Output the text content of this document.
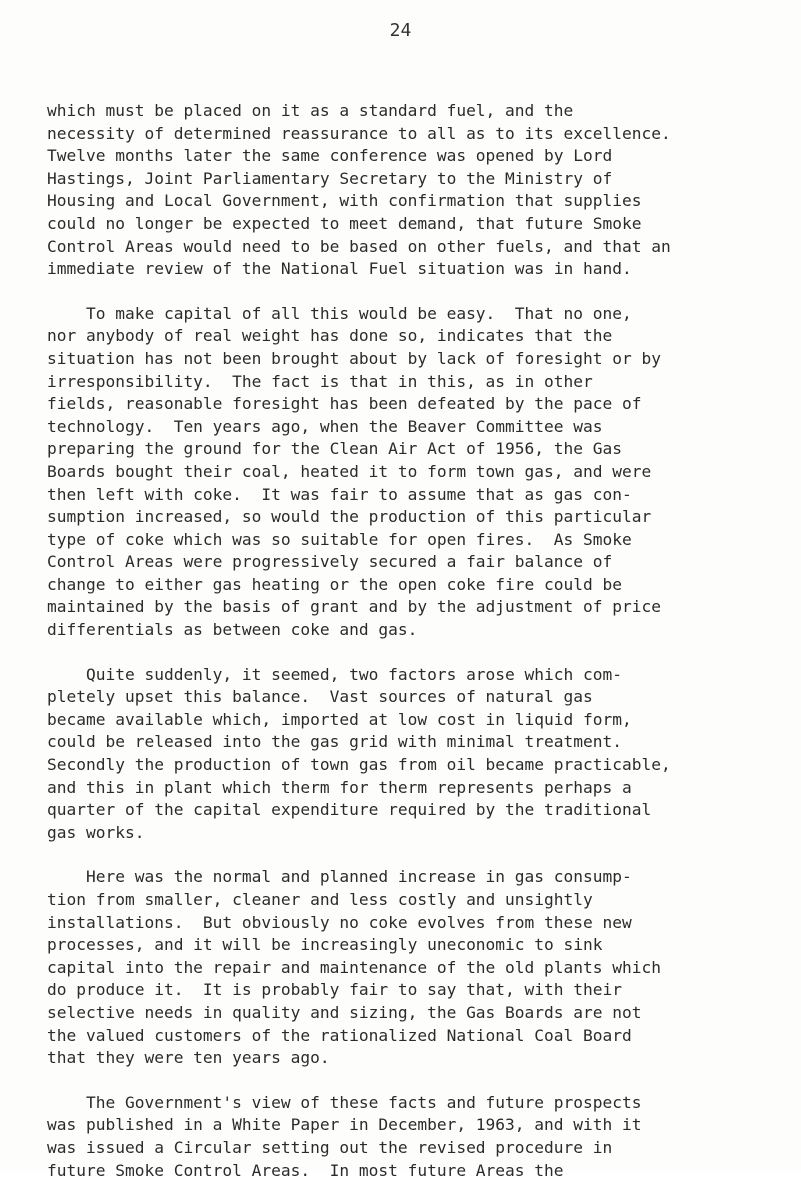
24
which must be placed on it as a standard fuel, and the
necessity of determined reassurance to all as to its excellence.
Twelve months later the same conference was opened by Lord
Hastings, Joint Parliamentary Secretary to the Ministry of
Housing and Local Government, with confirmation that supplies
could no longer be expected to meet demand, that future Smoke
Control Areas would need to be based on other fuels, and that an
immediate review of the National Fuel situation was in hand.
To make capital of all this would be easy.  That no one,
nor anybody of real weight has done so, indicates that the
situation has not been brought about by lack of foresight or by
irresponsibility.  The fact is that in this, as in other
fields, reasonable foresight has been defeated by the pace of
technology.  Ten years ago, when the Beaver Committee was
preparing the ground for the Clean Air Act of 1956, the Gas
Boards bought their coal, heated it to form town gas, and were
then left with coke.  It was fair to assume that as gas con-
sumption increased, so would the production of this particular
type of coke which was so suitable for open fires.  As Smoke
Control Areas were progressively secured a fair balance of
change to either gas heating or the open coke fire could be
maintained by the basis of grant and by the adjustment of price
differentials as between coke and gas.
Quite suddenly, it seemed, two factors arose which com-
pletely upset this balance.  Vast sources of natural gas
became available which, imported at low cost in liquid form,
could be released into the gas grid with minimal treatment.
Secondly the production of town gas from oil became practicable,
and this in plant which therm for therm represents perhaps a
quarter of the capital expenditure required by the traditional
gas works.
Here was the normal and planned increase in gas consump-
tion from smaller, cleaner and less costly and unsightly
installations.  But obviously no coke evolves from these new
processes, and it will be increasingly uneconomic to sink
capital into the repair and maintenance of the old plants which
do produce it.  It is probably fair to say that, with their
selective needs in quality and sizing, the Gas Boards are not
the valued customers of the rationalized National Coal Board
that they were ten years ago.
The Government's view of these facts and future prospects
was published in a White Paper in December, 1963, and with it
was issued a Circular setting out the revised procedure in
future Smoke Control Areas.  In most future Areas the
